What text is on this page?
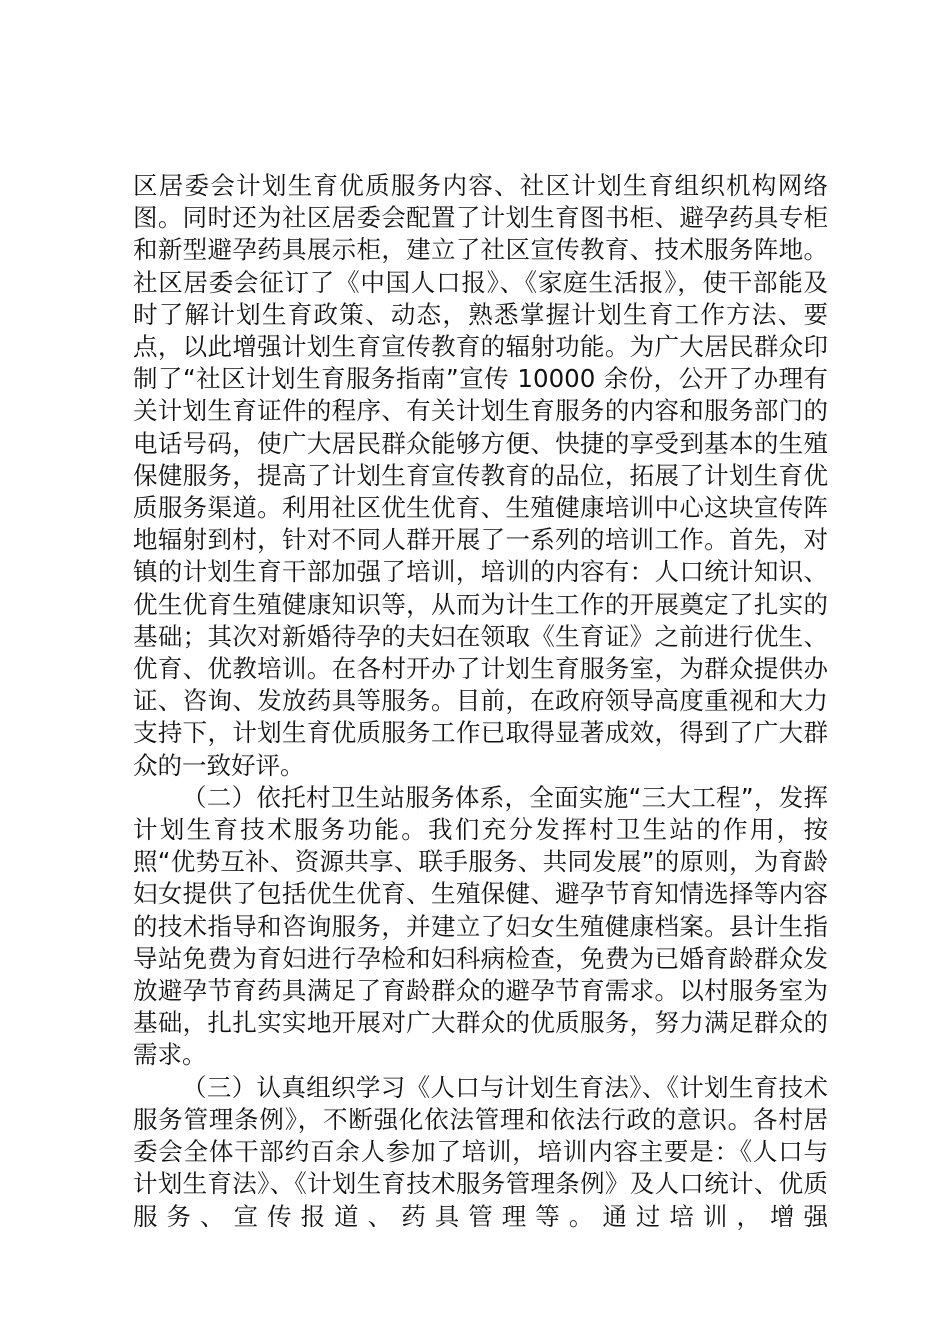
区居委会计划生育优质服务内容、社区计划生育组织机构网络图。同时还为社区居委会配置了计划生育图书柜、避孕药具专柜和新型避孕药具展示柜，建立了社区宣传教育、技术服务阵地。社区居委会征订了《中国人口报》、《家庭生活报》，使干部能及时了解计划生育政策、动态，熟悉掌握计划生育工作方法、要点，以此增强计划生育宣传教育的辐射功能。为广大居民群众印制了“社区计划生育服务指南”宣传 10000 余份，公开了办理有关计划生育证件的程序、有关计划生育服务的内容和服务部门的电话号码，使广大居民群众能够方便、快捷的享受到基本的生殖保健服务，提高了计划生育宣传教育的品位，拓展了计划生育优质服务渠道。利用社区优生优育、生殖健康培训中心这块宣传阵地辐射到村，针对不同人群开展了一系列的培训工作。首先，对镇的计划生育干部加强了培训，培训的内容有：人口统计知识、优生优育生殖健康知识等，从而为计生工作的开展奠定了扎实的基础；其次对新婚待孕的夫妇在领取《生育证》之前进行优生、优育、优教培训。在各村开办了计划生育服务室，为群众提供办证、咨询、发放药具等服务。目前，在政府领导高度重视和大力支持下，计划生育优质服务工作已取得显著成效，得到了广大群众的一致好评。

（二）依托村卫生站服务体系，全面实施“三大工程”，发挥计划生育技术服务功能。我们充分发挥村卫生站的作用，按照“优势互补、资源共享、联手服务、共同发展”的原则，为育龄妇女提供了包括优生优育、生殖保健、避孕节育知情选择等内容的技术指导和咨询服务，并建立了妇女生殖健康档案。县计生指导站免费为育妇进行孕检和妇科病检查，免费为已婚育龄群众发放避孕节育药具满足了育龄群众的避孕节育需求。以村服务室为基础，扎扎实实地开展对广大群众的优质服务，努力满足群众的需求。

（三）认真组织学习《人口与计划生育法》、《计划生育技术服务管理条例》，不断强化依法管理和依法行政的意识。各村居委会全体干部约百余人参加了培训，培训内容主要是：《人口与计划生育法》、《计划生育技术服务管理条例》及人口统计、优质服务、宣传报道、药具管理等。通过培训，增强
